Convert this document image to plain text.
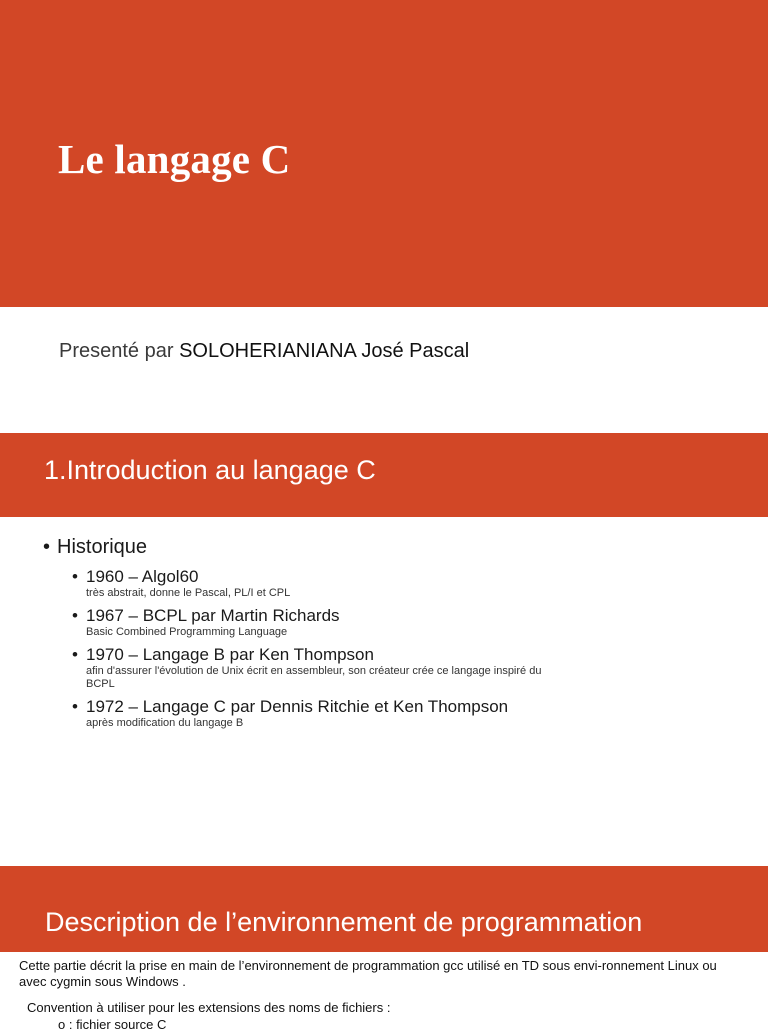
Le langage C
Presenté par SOLOHERIANIANA José Pascal
1.Introduction au langage C
• Historique
• 1960 – Algol60
très abstrait, donne le Pascal, PL/I et CPL
• 1967 – BCPL par Martin Richards
Basic Combined Programming Language
• 1970 – Langage B par Ken Thompson
afin d'assurer l'évolution de Unix écrit en assembleur, son créateur crée ce langage inspiré du BCPL
• 1972 – Langage C par Dennis Ritchie et Ken Thompson
après modification du langage B
Description de l’environnement de programmation
Cette partie décrit la prise en main de l’environnement de programmation gcc utilisé en TD sous envi-ronnement Linux ou avec cygmin sous Windows .
Convention à utiliser pour les extensions des noms de fichiers :
o : fichier source C
